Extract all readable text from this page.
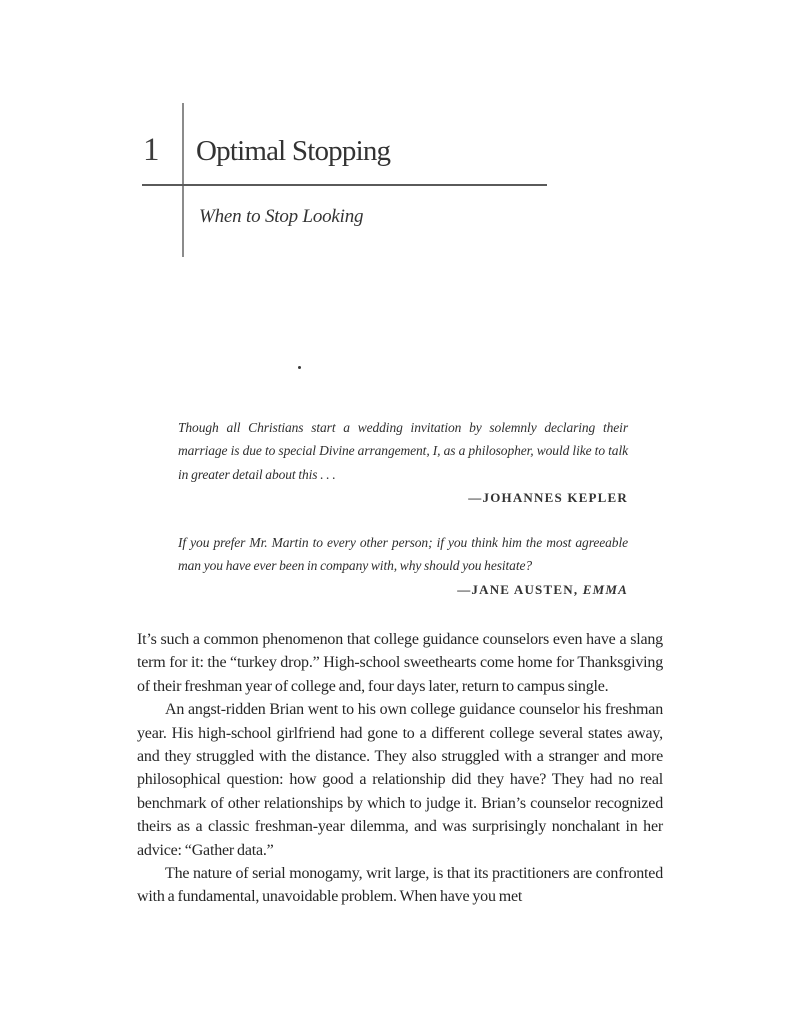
1 Optimal Stopping
When to Stop Looking

Though all Christians start a wedding invitation by solemnly declaring their marriage is due to special Divine arrangement, I, as a philosopher, would like to talk in greater detail about this . . .

—JOHANNES KEPLER

If you prefer Mr. Martin to every other person; if you think him the most agreeable man you have ever been in company with, why should you hesitate?

—JANE AUSTEN, EMMA

It’s such a common phenomenon that college guidance counselors even have a slang term for it: the “turkey drop.” High-school sweethearts come home for Thanksgiving of their freshman year of college and, four days later, return to campus single.

An angst-ridden Brian went to his own college guidance counselor his freshman year. His high-school girlfriend had gone to a different college several states away, and they struggled with the distance. They also struggled with a stranger and more philosophical question: how good a relationship did they have? They had no real benchmark of other relationships by which to judge it. Brian’s counselor recognized theirs as a classic freshman-year dilemma, and was surprisingly nonchalant in her advice: “Gather data.”

The nature of serial monogamy, writ large, is that its practitioners are confronted with a fundamental, unavoidable problem. When have you met
